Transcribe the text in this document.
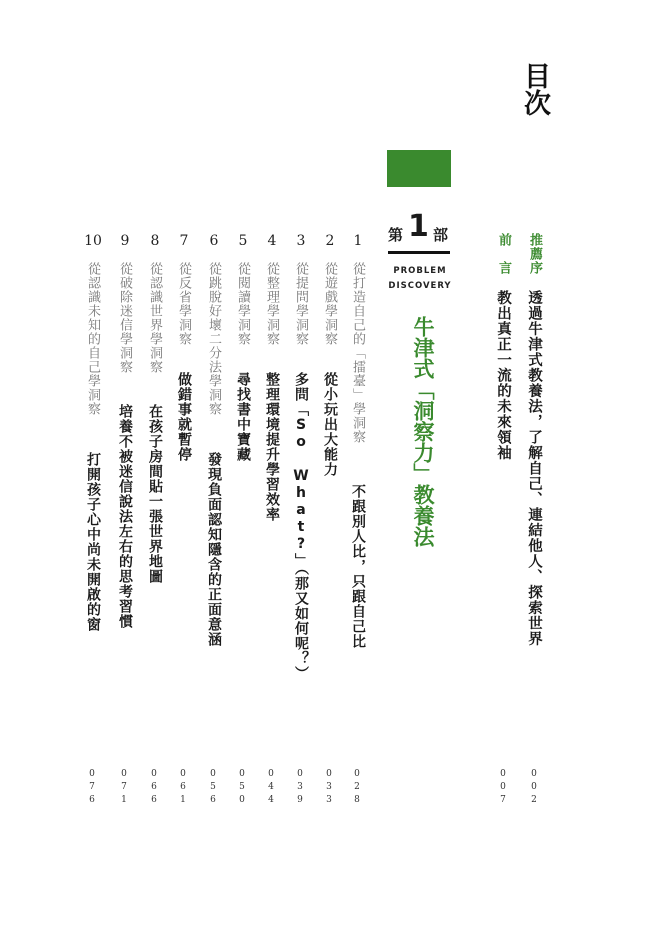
目次
推薦序
透過牛津式教養法，了解自己、連結他人、探索世界
0
0
2
前　言
教出真正一流的未來領袖
0
0
7
第 1 部
PROBLEM
DISCOVERY
牛津式「洞察力」教養法
1
從打造自己的「擂臺」學洞察
不跟別人比，只跟自己比
0
2
8
2
從遊戲學洞察
從小玩出大能力
0
3
3
3
從提問學洞察
多問「So What?」（那又如何呢？）
0
3
9
4
從整理學洞察
整理環境提升學習效率
0
4
4
5
從閱讀學洞察
尋找書中寶藏
0
5
0
6
從跳脫好壞二分法學洞察
發現負面認知隱含的正面意涵
0
5
6
7
從反省學洞察
做錯事就暫停
0
6
1
8
從認識世界學洞察
在孩子房間貼一張世界地圖
0
6
6
9
從破除迷信學洞察
培養不被迷信說法左右的思考習慣
0
7
1
10
從認識未知的自己學洞察
打開孩子心中尚未開啟的窗
0
7
6
